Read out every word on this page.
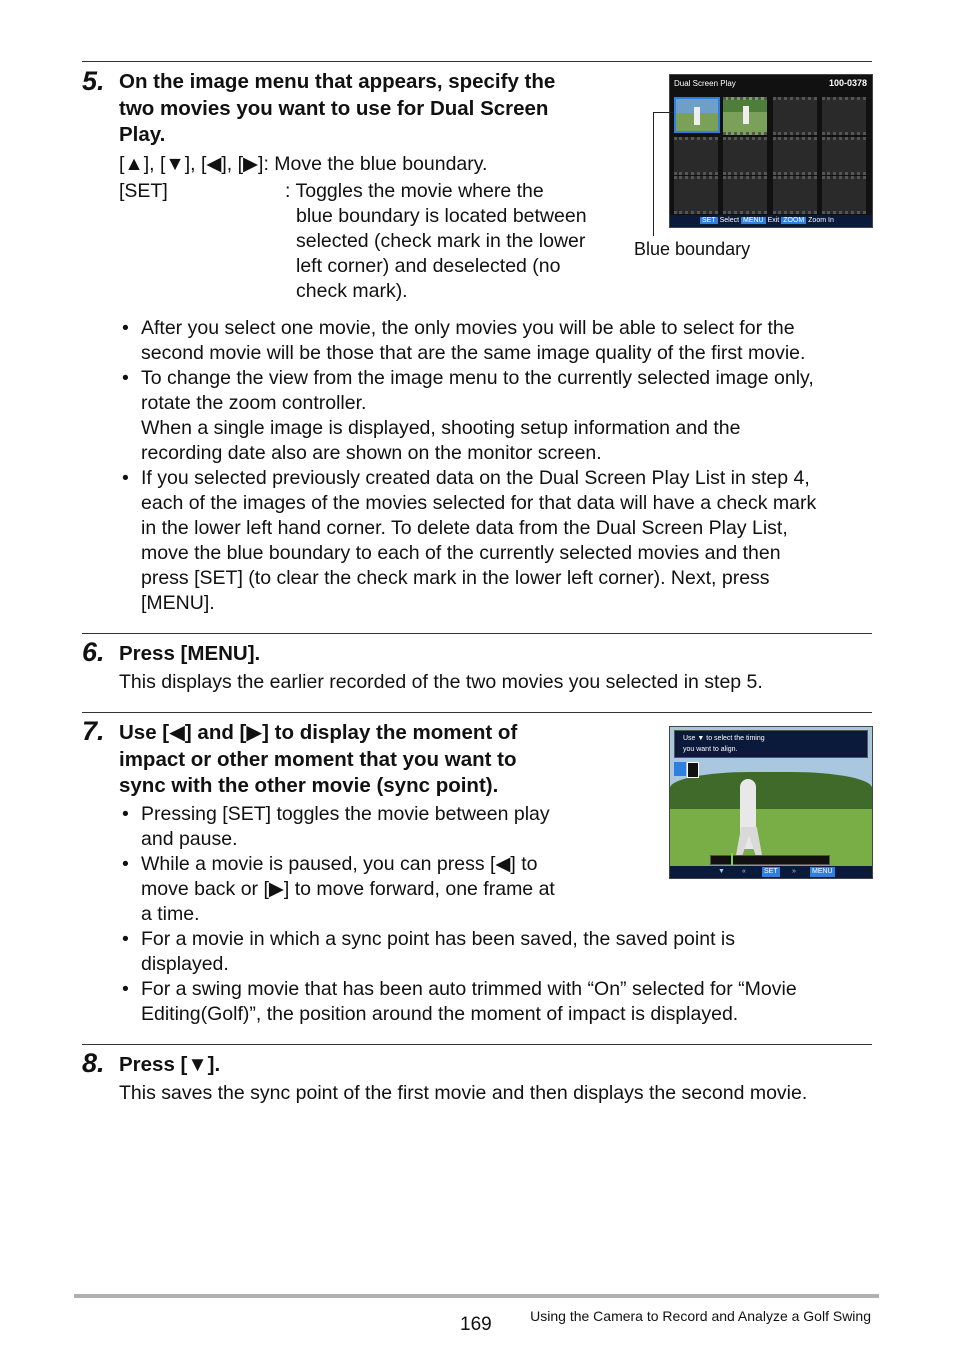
5. On the image menu that appears, specify the
two movies you want to use for Dual Screen
Play.
[▲], [▼], [◀], [▶]: Move the blue boundary.
[SET]	: Toggles the movie where the
blue boundary is located between
selected (check mark in the lower
left corner) and deselected (no
check mark).
Dual Screen Play	100-0378
SET Select MENU Exit ZOOM Zoom In
Blue boundary
• After you select one movie, the only movies you will be able to select for the
second movie will be those that are the same image quality of the first movie.
• To change the view from the image menu to the currently selected image only,
rotate the zoom controller.
When a single image is displayed, shooting setup information and the
recording date also are shown on the monitor screen.
• If you selected previously created data on the Dual Screen Play List in step 4,
each of the images of the movies selected for that data will have a check mark
in the lower left hand corner. To delete data from the Dual Screen Play List,
move the blue boundary to each of the currently selected movies and then
press [SET] (to clear the check mark in the lower left corner). Next, press
[MENU].
6. Press [MENU].
This displays the earlier recorded of the two movies you selected in step 5.
7. Use [◀] and [▶] to display the moment of
impact or other moment that you want to
sync with the other movie (sync point).
Use ▼ to select the timing
you want to align.
▼ «	SET » MENU
• Pressing [SET] toggles the movie between play
and pause.
• While a movie is paused, you can press [◀] to
move back or [▶] to move forward, one frame at
a time.
• For a movie in which a sync point has been saved, the saved point is
displayed.
• For a swing movie that has been auto trimmed with “On” selected for “Movie
Editing(Golf)”, the position around the moment of impact is displayed.
8. Press [▼].
This saves the sync point of the first movie and then displays the second movie.
169	Using the Camera to Record and Analyze a Golf Swing
